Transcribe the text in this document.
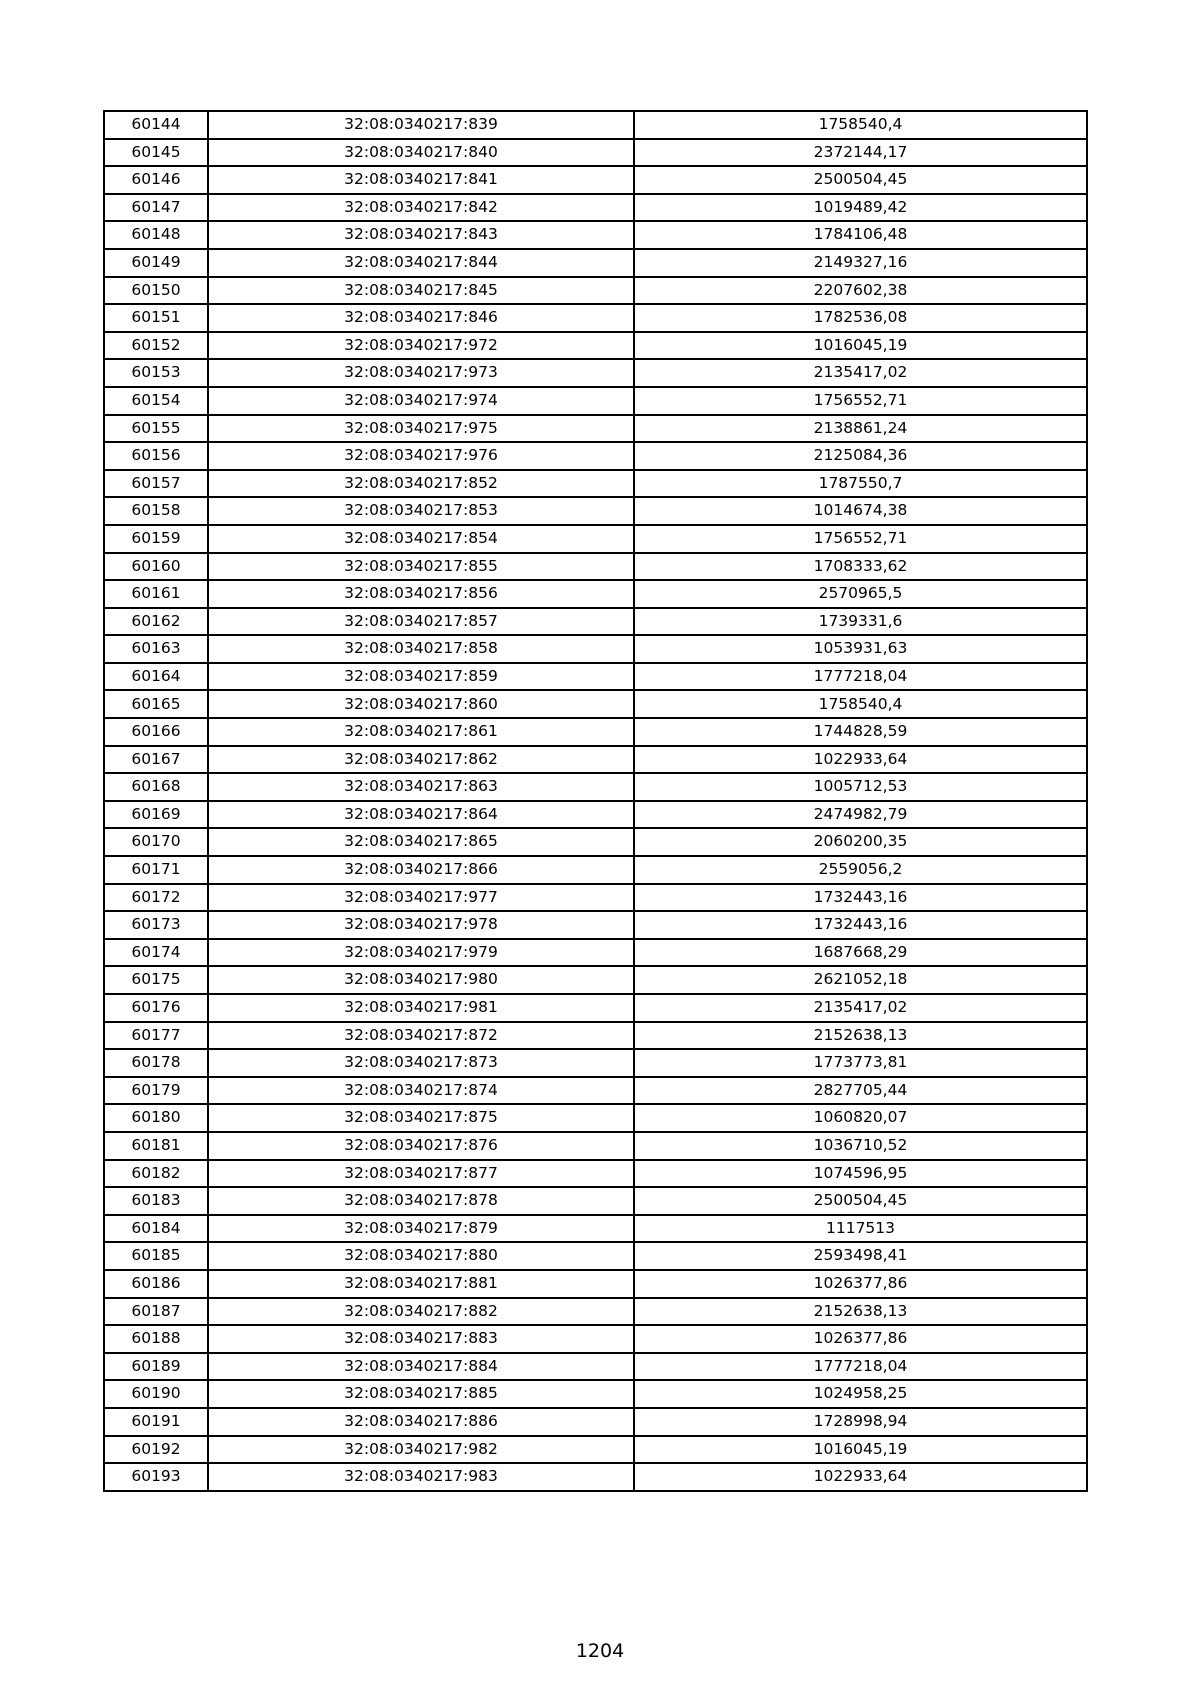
60144	32:08:0340217:839	1758540,4
60145	32:08:0340217:840	2372144,17
60146	32:08:0340217:841	2500504,45
60147	32:08:0340217:842	1019489,42
60148	32:08:0340217:843	1784106,48
60149	32:08:0340217:844	2149327,16
60150	32:08:0340217:845	2207602,38
60151	32:08:0340217:846	1782536,08
60152	32:08:0340217:972	1016045,19
60153	32:08:0340217:973	2135417,02
60154	32:08:0340217:974	1756552,71
60155	32:08:0340217:975	2138861,24
60156	32:08:0340217:976	2125084,36
60157	32:08:0340217:852	1787550,7
60158	32:08:0340217:853	1014674,38
60159	32:08:0340217:854	1756552,71
60160	32:08:0340217:855	1708333,62
60161	32:08:0340217:856	2570965,5
60162	32:08:0340217:857	1739331,6
60163	32:08:0340217:858	1053931,63
60164	32:08:0340217:859	1777218,04
60165	32:08:0340217:860	1758540,4
60166	32:08:0340217:861	1744828,59
60167	32:08:0340217:862	1022933,64
60168	32:08:0340217:863	1005712,53
60169	32:08:0340217:864	2474982,79
60170	32:08:0340217:865	2060200,35
60171	32:08:0340217:866	2559056,2
60172	32:08:0340217:977	1732443,16
60173	32:08:0340217:978	1732443,16
60174	32:08:0340217:979	1687668,29
60175	32:08:0340217:980	2621052,18
60176	32:08:0340217:981	2135417,02
60177	32:08:0340217:872	2152638,13
60178	32:08:0340217:873	1773773,81
60179	32:08:0340217:874	2827705,44
60180	32:08:0340217:875	1060820,07
60181	32:08:0340217:876	1036710,52
60182	32:08:0340217:877	1074596,95
60183	32:08:0340217:878	2500504,45
60184	32:08:0340217:879	1117513
60185	32:08:0340217:880	2593498,41
60186	32:08:0340217:881	1026377,86
60187	32:08:0340217:882	2152638,13
60188	32:08:0340217:883	1026377,86
60189	32:08:0340217:884	1777218,04
60190	32:08:0340217:885	1024958,25
60191	32:08:0340217:886	1728998,94
60192	32:08:0340217:982	1016045,19
60193	32:08:0340217:983	1022933,64
1204
